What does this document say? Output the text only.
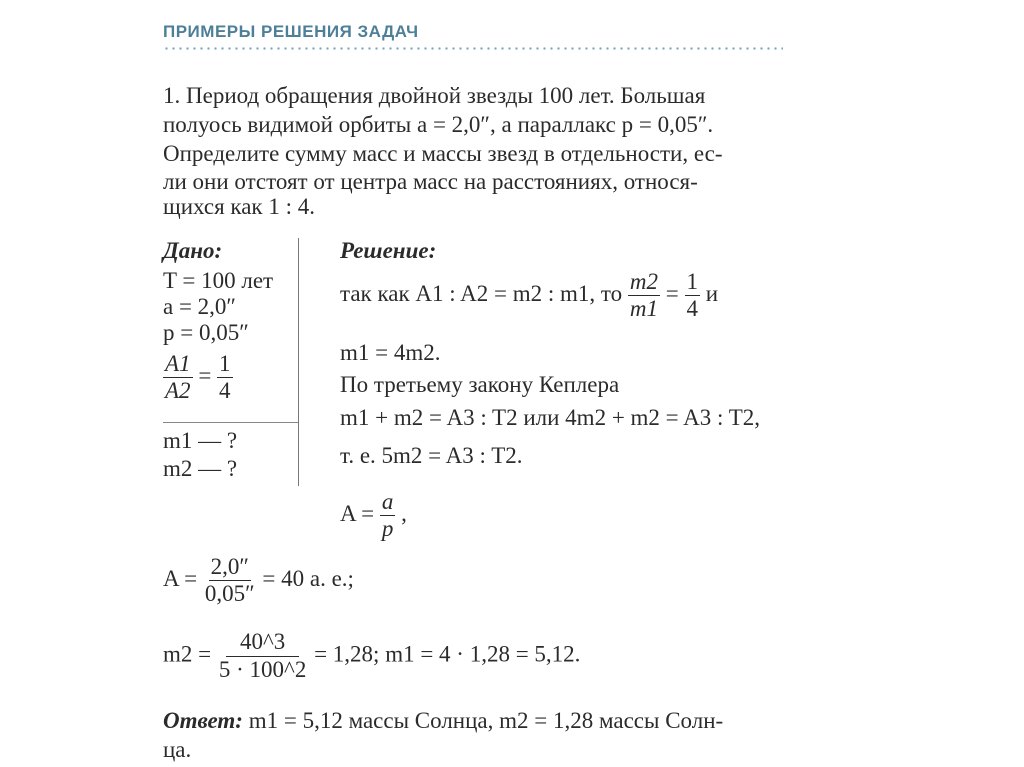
ПРИМЕРЫ РЕШЕНИЯ ЗАДАЧ
1. Период обращения двойной звезды 100 лет. Большая
полуось видимой орбиты a = 2,0″, а параллакс p = 0,05″.
Определите сумму масс и массы звезд в отдельности, ес-
ли они отстоят от центра масс на расстояниях, относя-
щихся как 1 : 4.
Дано:
T = 100 лет
a = 2,0″
p = 0,05″
$\frac{A1}{A2} = \frac{1}{4}$
m1 — ?
m2 — ?
Решение:
так как A1 : A2 = m2 : m1, то $\frac{m2}{m1} = \frac{1}{4}$ и
m1 = 4m2.
По третьему закону Кеплера
m1 + m2 = A3 : T2 или 4m2 + m2 = A3 : T2,
т. е. 5m2 = A3 : T2.
$A = \frac{a}{p}$ ,
$A = \frac{2,0''}{0,05''} = 40$ а. е.;
$m2 = \frac{40\^{}3}{5 \cdot 100\^{}2} = 1,28$; m1 = 4 · 1,28 = 5,12.
Ответ: m1 = 5,12 массы Солнца, m2 = 1,28 массы Солн-
ца.
